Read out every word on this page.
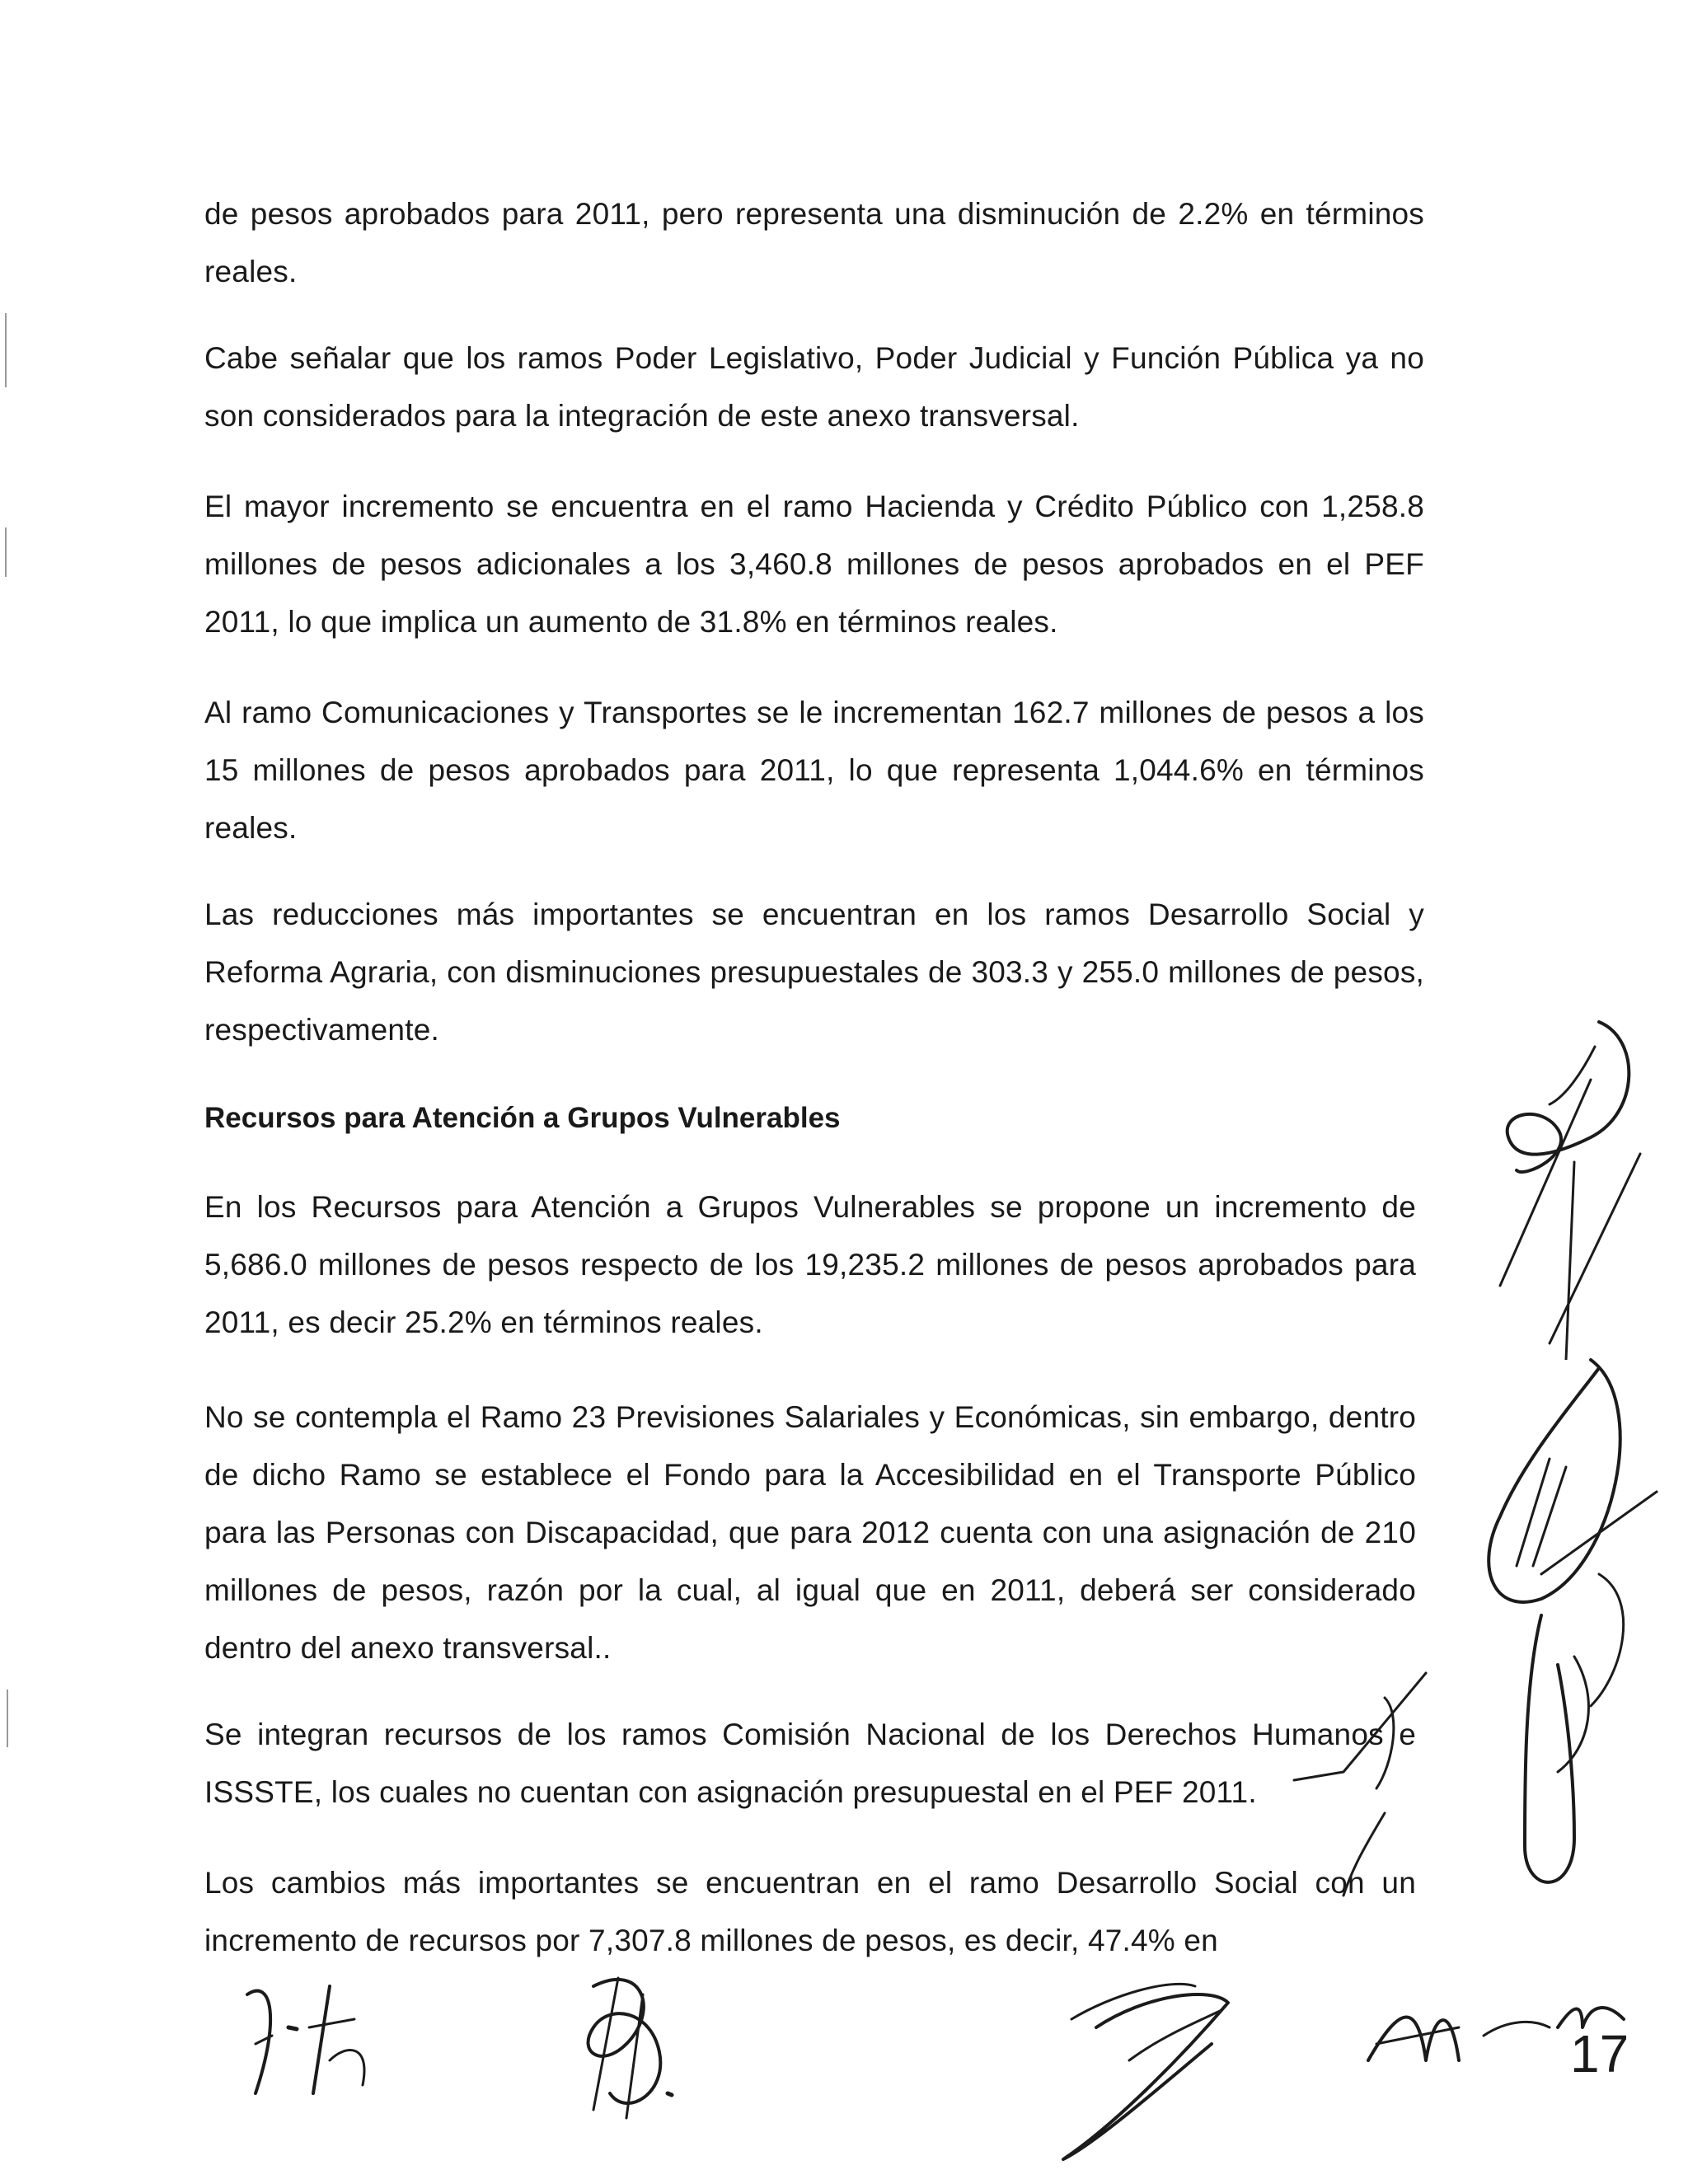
de pesos aprobados para 2011, pero representa una disminución de 2.2% en términos reales.

Cabe señalar que los ramos Poder Legislativo, Poder Judicial y Función Pública ya no son considerados para la integración de este anexo transversal.

El mayor incremento se encuentra en el ramo Hacienda y Crédito Público con 1,258.8 millones de pesos adicionales a los 3,460.8 millones de pesos aprobados en el PEF 2011, lo que implica un aumento de 31.8% en términos reales.

Al ramo Comunicaciones y Transportes se le incrementan 162.7 millones de pesos a los 15 millones de pesos aprobados para 2011, lo que representa 1,044.6% en términos reales.

Las reducciones más importantes se encuentran en los ramos Desarrollo Social y Reforma Agraria, con disminuciones presupuestales de 303.3 y 255.0 millones de pesos, respectivamente.

Recursos para Atención a Grupos Vulnerables

En los Recursos para Atención a Grupos Vulnerables se propone un incremento de 5,686.0 millones de pesos respecto de los 19,235.2 millones de pesos aprobados para 2011, es decir 25.2% en términos reales.

No se contempla el Ramo 23 Previsiones Salariales y Económicas, sin embargo, dentro de dicho Ramo se establece el Fondo para la Accesibilidad en el Transporte Público para las Personas con Discapacidad, que para 2012 cuenta con una asignación de 210 millones de pesos, razón por la cual, al igual que en 2011, deberá ser considerado dentro del anexo transversal..

Se integran recursos de los ramos Comisión Nacional de los Derechos Humanos e ISSSTE, los cuales no cuentan con asignación presupuestal en el PEF 2011.

Los cambios más importantes se encuentran en el ramo Desarrollo Social con un incremento de recursos por 7,307.8 millones de pesos, es decir, 47.4% en

17
